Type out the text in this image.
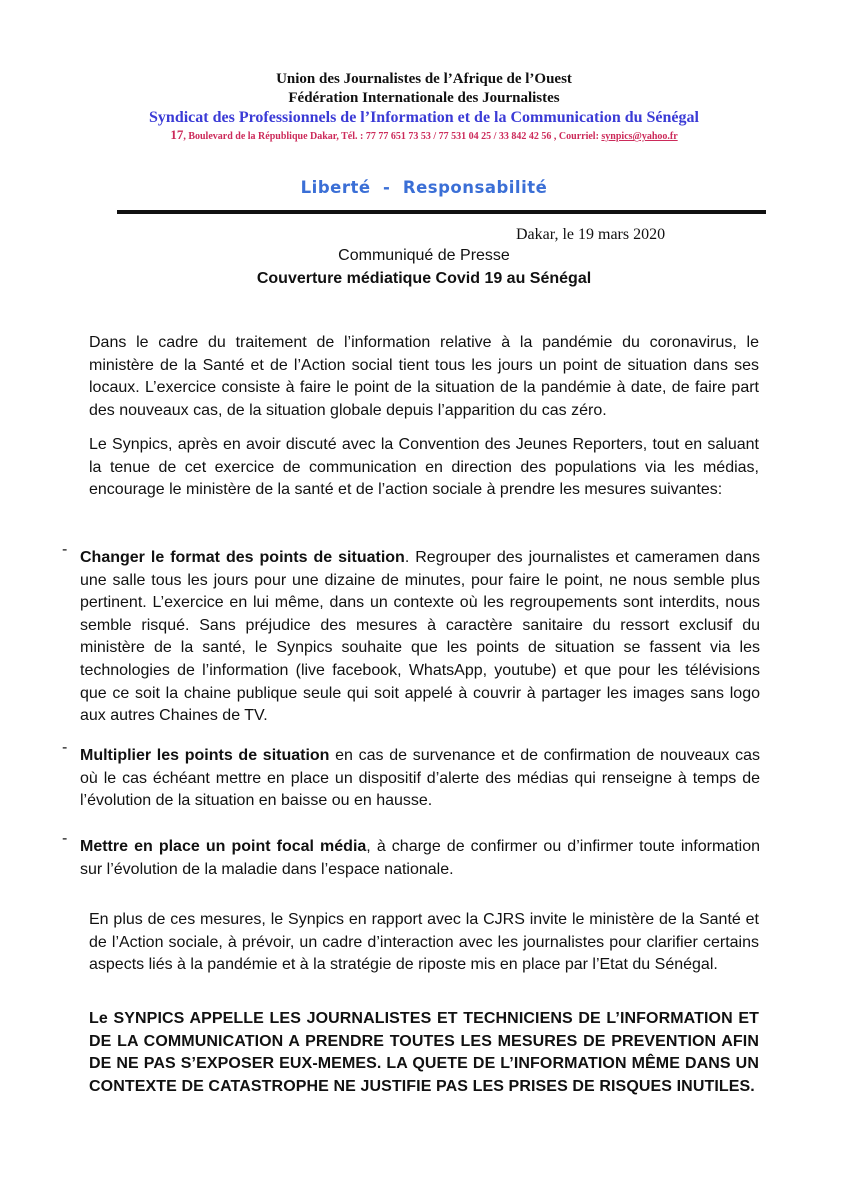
Union des Journalistes de l’Afrique de l’Ouest
Fédération Internationale des Journalistes
Syndicat des Professionnels de l’Information et de la Communication du Sénégal
17, Boulevard de la République Dakar, Tél. : 77 77 651 73 53 / 77 531 04 25 / 33 842 42 56 , Courriel: synpics@yahoo.fr
Liberté  -  Responsabilité
Dakar, le 19 mars 2020
Communiqué de Presse
Couverture médiatique Covid 19 au Sénégal

Dans le cadre du traitement de l’information relative à la pandémie du coronavirus, le ministère de la Santé et de l’Action social tient tous les jours un point de situation dans ses locaux. L’exercice consiste à faire le point de la situation de la pandémie à date, de faire part des nouveaux cas, de la situation globale depuis l’apparition du cas zéro.

Le Synpics, après en avoir discuté avec la Convention des Jeunes Reporters, tout en saluant la tenue de cet exercice de communication en direction des populations via les médias, encourage le ministère de la santé et de l’action sociale à prendre les mesures suivantes:

- Changer le format des points de situation. Regrouper des journalistes et cameramen dans une salle tous les jours pour une dizaine de minutes, pour faire le point, ne nous semble plus pertinent. L’exercice en lui même, dans un contexte où les regroupements sont interdits, nous semble risqué. Sans préjudice des mesures à caractère sanitaire du ressort exclusif du ministère de la santé, le Synpics souhaite que les points de situation se fassent via les technologies de l’information (live facebook, WhatsApp, youtube) et que pour les télévisions que ce soit la chaine publique seule qui soit appelé à couvrir à partager les images sans logo aux autres Chaines de TV.

- Multiplier les points de situation en cas de survenance et de confirmation de nouveaux cas où le cas échéant mettre en place un dispositif d’alerte des médias qui renseigne à temps de l’évolution de la situation en baisse ou en hausse.

- Mettre en place un point focal média, à charge de confirmer ou d’infirmer toute information sur l’évolution de la maladie dans l’espace nationale.

En plus de ces mesures, le Synpics en rapport avec la CJRS invite le ministère de la Santé et de l’Action sociale, à prévoir, un cadre d’interaction avec les journalistes pour clarifier certains aspects liés à la pandémie et à la stratégie de riposte mis en place par l’Etat du Sénégal.

Le SYNPICS APPELLE LES JOURNALISTES ET TECHNICIENS DE L’INFORMATION ET DE LA COMMUNICATION A PRENDRE TOUTES LES MESURES DE PREVENTION AFIN DE NE PAS S’EXPOSER EUX-MEMES. LA QUETE DE L’INFORMATION MÊME DANS UN CONTEXTE DE CATASTROPHE NE JUSTIFIE PAS LES PRISES DE RISQUES INUTILES.
